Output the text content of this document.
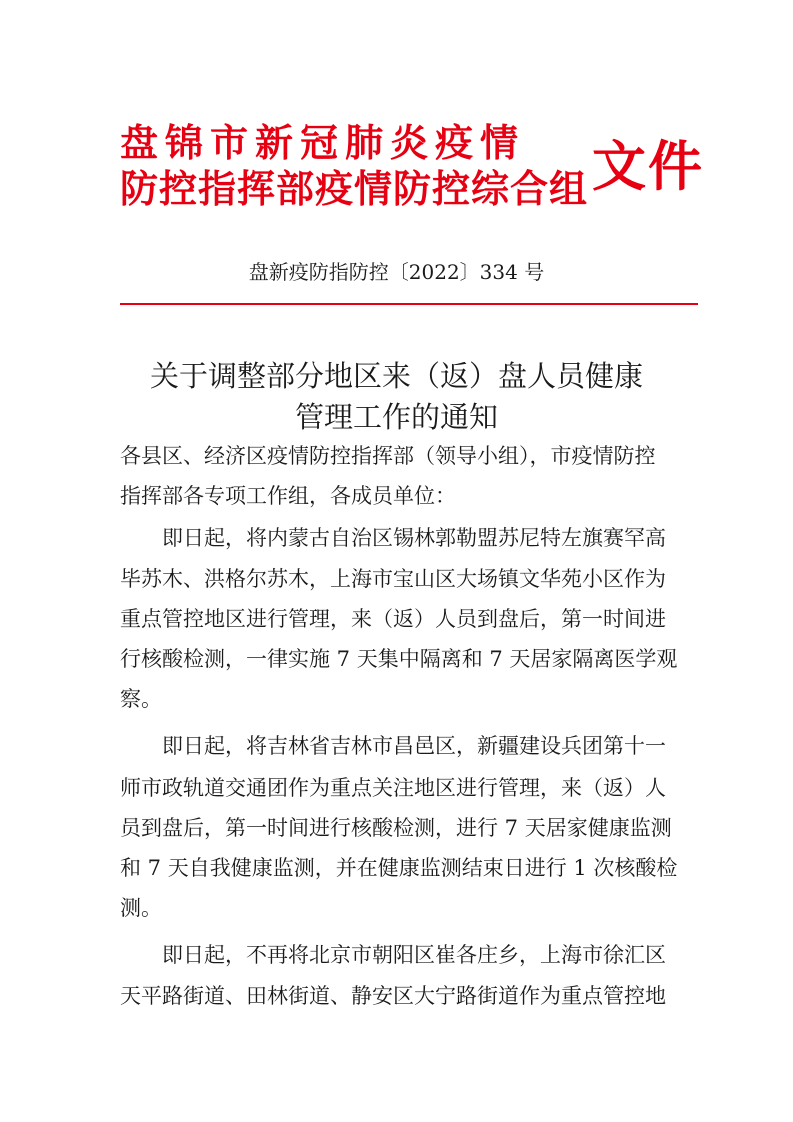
盘锦市新冠肺炎疫情
防控指挥部疫情防控综合组 文件
盘新疫防指防控〔2022〕334 号
关于调整部分地区来（返）盘人员健康
管理工作的通知
各县区、经济区疫情防控指挥部（领导小组），市疫情防控
指挥部各专项工作组，各成员单位：
　　即日起，将内蒙古自治区锡林郭勒盟苏尼特左旗赛罕高
毕苏木、洪格尔苏木，上海市宝山区大场镇文华苑小区作为
重点管控地区进行管理，来（返）人员到盘后，第一时间进
行核酸检测，一律实施 7 天集中隔离和 7 天居家隔离医学观
察。
　　即日起，将吉林省吉林市昌邑区，新疆建设兵团第十一
师市政轨道交通团作为重点关注地区进行管理，来（返）人
员到盘后，第一时间进行核酸检测，进行 7 天居家健康监测
和 7 天自我健康监测，并在健康监测结束日进行 1 次核酸检
测。
　　即日起，不再将北京市朝阳区崔各庄乡，上海市徐汇区
天平路街道、田林街道、静安区大宁路街道作为重点管控地
